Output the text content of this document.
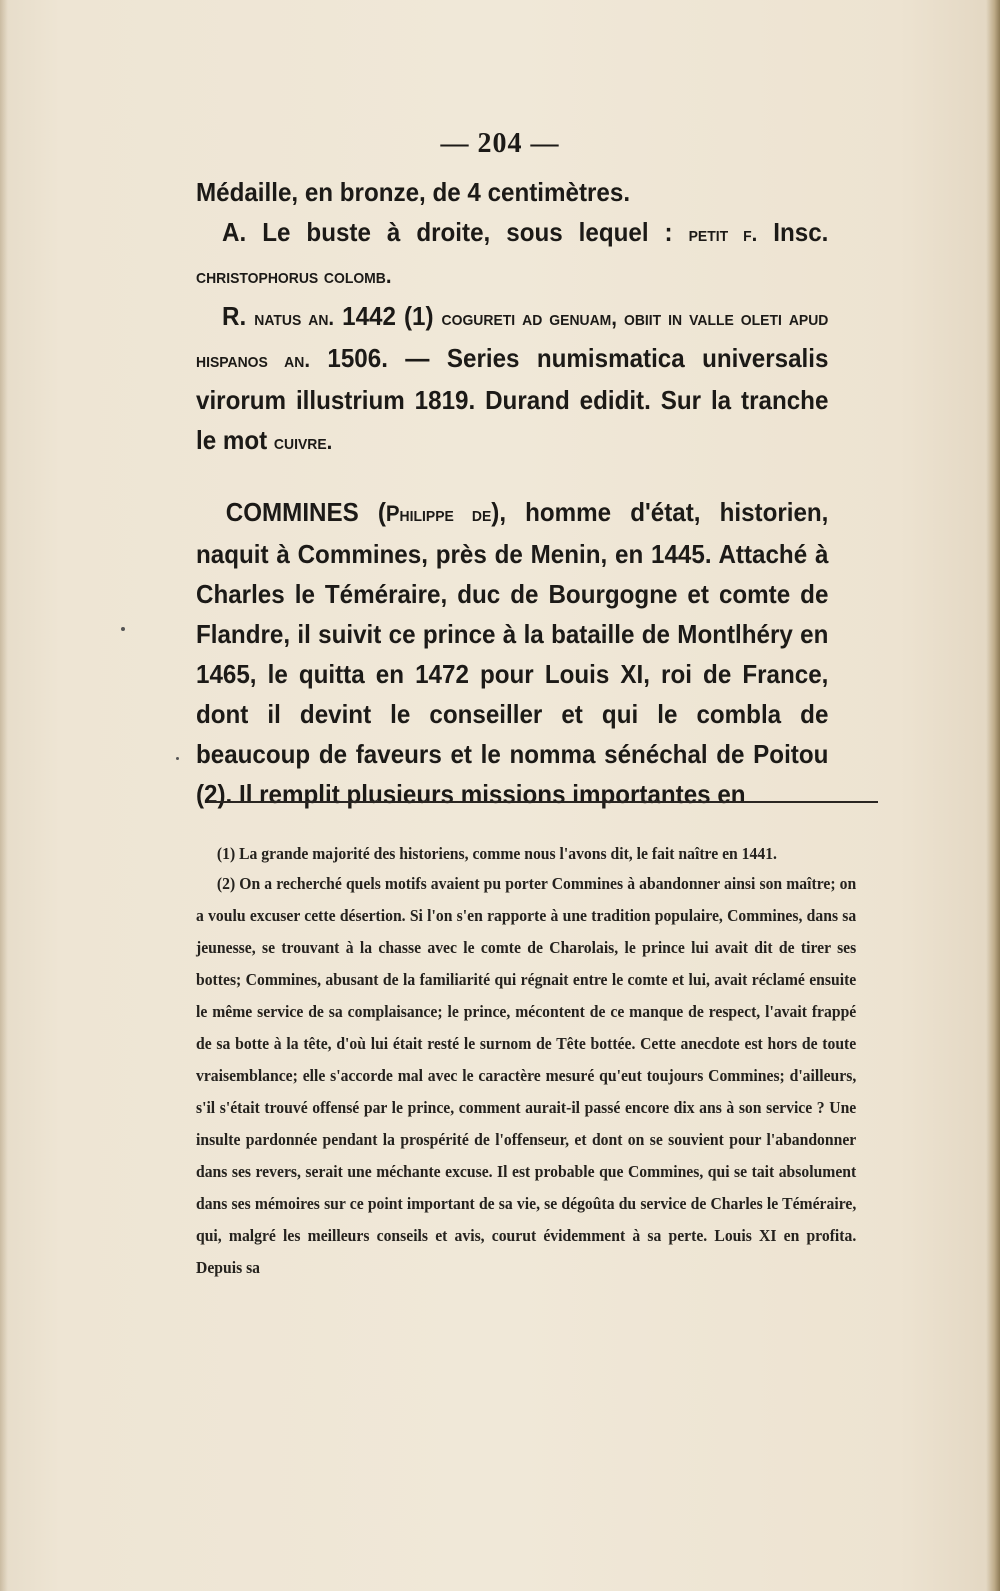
— 204 —

Médaille, en bronze, de 4 centimètres.

A. Le buste à droite, sous lequel : petit f. Insc. christophorus colomb.

R. natus an. 1442 (1) cogureti ad genuam, obiit in valle oleti apud hispanos an. 1506. — Series numismatica universalis virorum illustrium 1819. Durand edidit. Sur la tranche le mot cuivre.

COMMINES (Philippe de), homme d'état, historien, naquit à Commines, près de Menin, en 1445. Attaché à Charles le Téméraire, duc de Bourgogne et comte de Flandre, il suivit ce prince à la bataille de Montlhéry en 1465, le quitta en 1472 pour Louis XI, roi de France, dont il devint le conseiller et qui le combla de beaucoup de faveurs et le nomma sénéchal de Poitou (2). Il remplit plusieurs missions importantes en

(1) La grande majorité des historiens, comme nous l'avons dit, le fait naître en 1441.

(2) On a recherché quels motifs avaient pu porter Commines à abandonner ainsi son maître; on a voulu excuser cette désertion. Si l'on s'en rapporte à une tradition populaire, Commines, dans sa jeunesse, se trouvant à la chasse avec le comte de Charolais, le prince lui avait dit de tirer ses bottes; Commines, abusant de la familiarité qui régnait entre le comte et lui, avait réclamé ensuite le même service de sa complaisance; le prince, mécontent de ce manque de respect, l'avait frappé de sa botte à la tête, d'où lui était resté le surnom de Tête bottée. Cette anecdote est hors de toute vraisemblance; elle s'accorde mal avec le caractère mesuré qu'eut toujours Commines; d'ailleurs, s'il s'était trouvé offensé par le prince, comment aurait-il passé encore dix ans à son service ? Une insulte pardonnée pendant la prospérité de l'offenseur, et dont on se souvient pour l'abandonner dans ses revers, serait une méchante excuse. Il est probable que Commines, qui se tait absolument dans ses mémoires sur ce point important de sa vie, se dégoûta du service de Charles le Téméraire, qui, malgré les meilleurs conseils et avis, courut évidemment à sa perte. Louis XI en profita. Depuis sa
